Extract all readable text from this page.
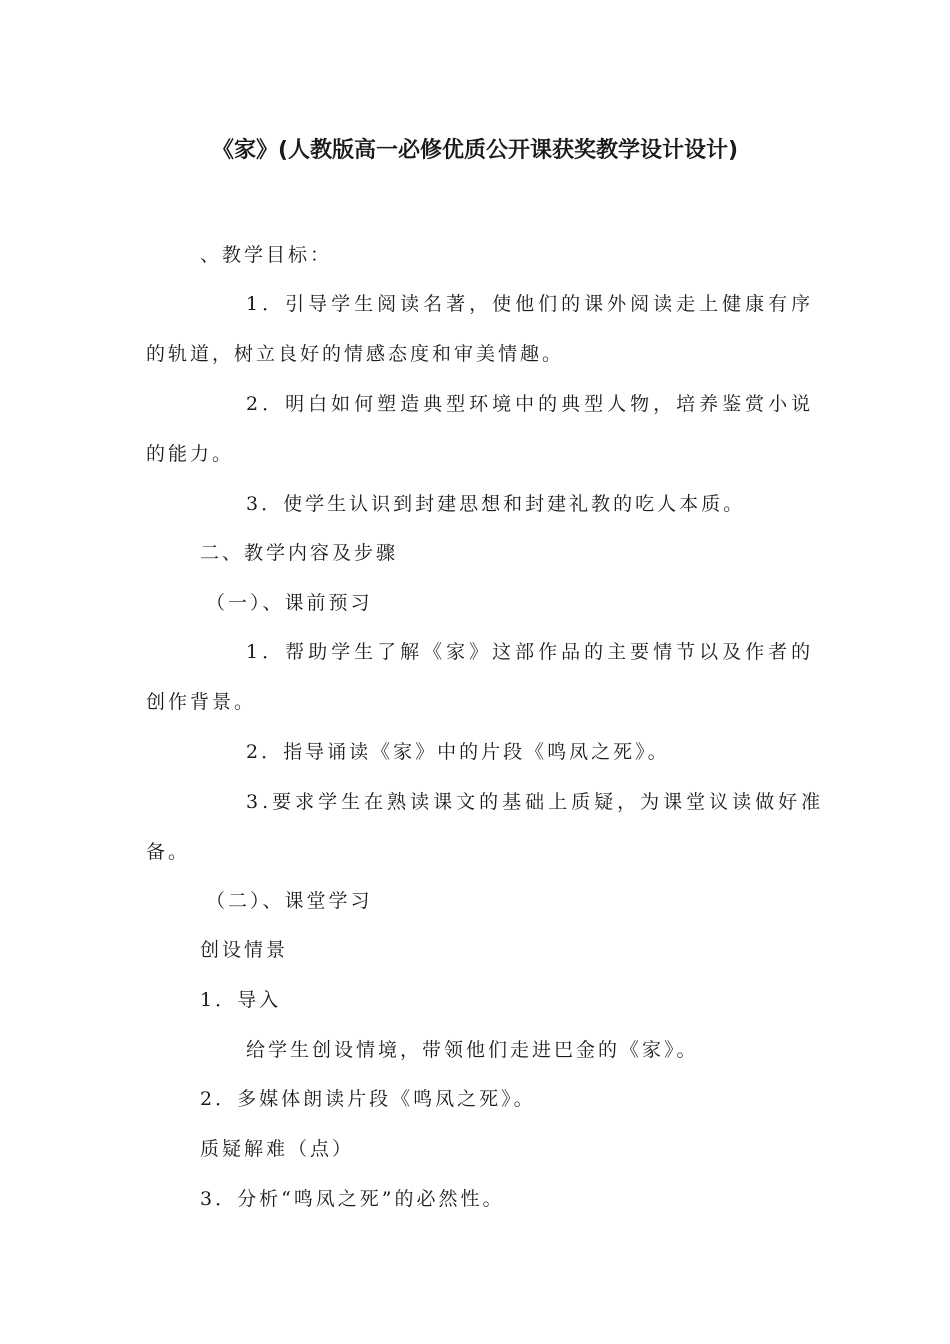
《家》(人教版高一必修优质公开课获奖教学设计设计)
、教学目标：
1．引导学生阅读名著，使他们的课外阅读走上健康有序
的轨道，树立良好的情感态度和审美情趣。
2．明白如何塑造典型环境中的典型人物，培养鉴赏小说
的能力。
3．使学生认识到封建思想和封建礼教的吃人本质。
二、教学内容及步骤
（一）、课前预习
1．帮助学生了解《家》这部作品的主要情节以及作者的
创作背景。
2．指导诵读《家》中的片段《鸣凤之死》。
3.要求学生在熟读课文的基础上质疑，为课堂议读做好准
备。
（二）、课堂学习
创设情景
1．导入
给学生创设情境，带领他们走进巴金的《家》。
2．多媒体朗读片段《鸣凤之死》。
质疑解难（点）
3．分析“鸣凤之死”的必然性。
